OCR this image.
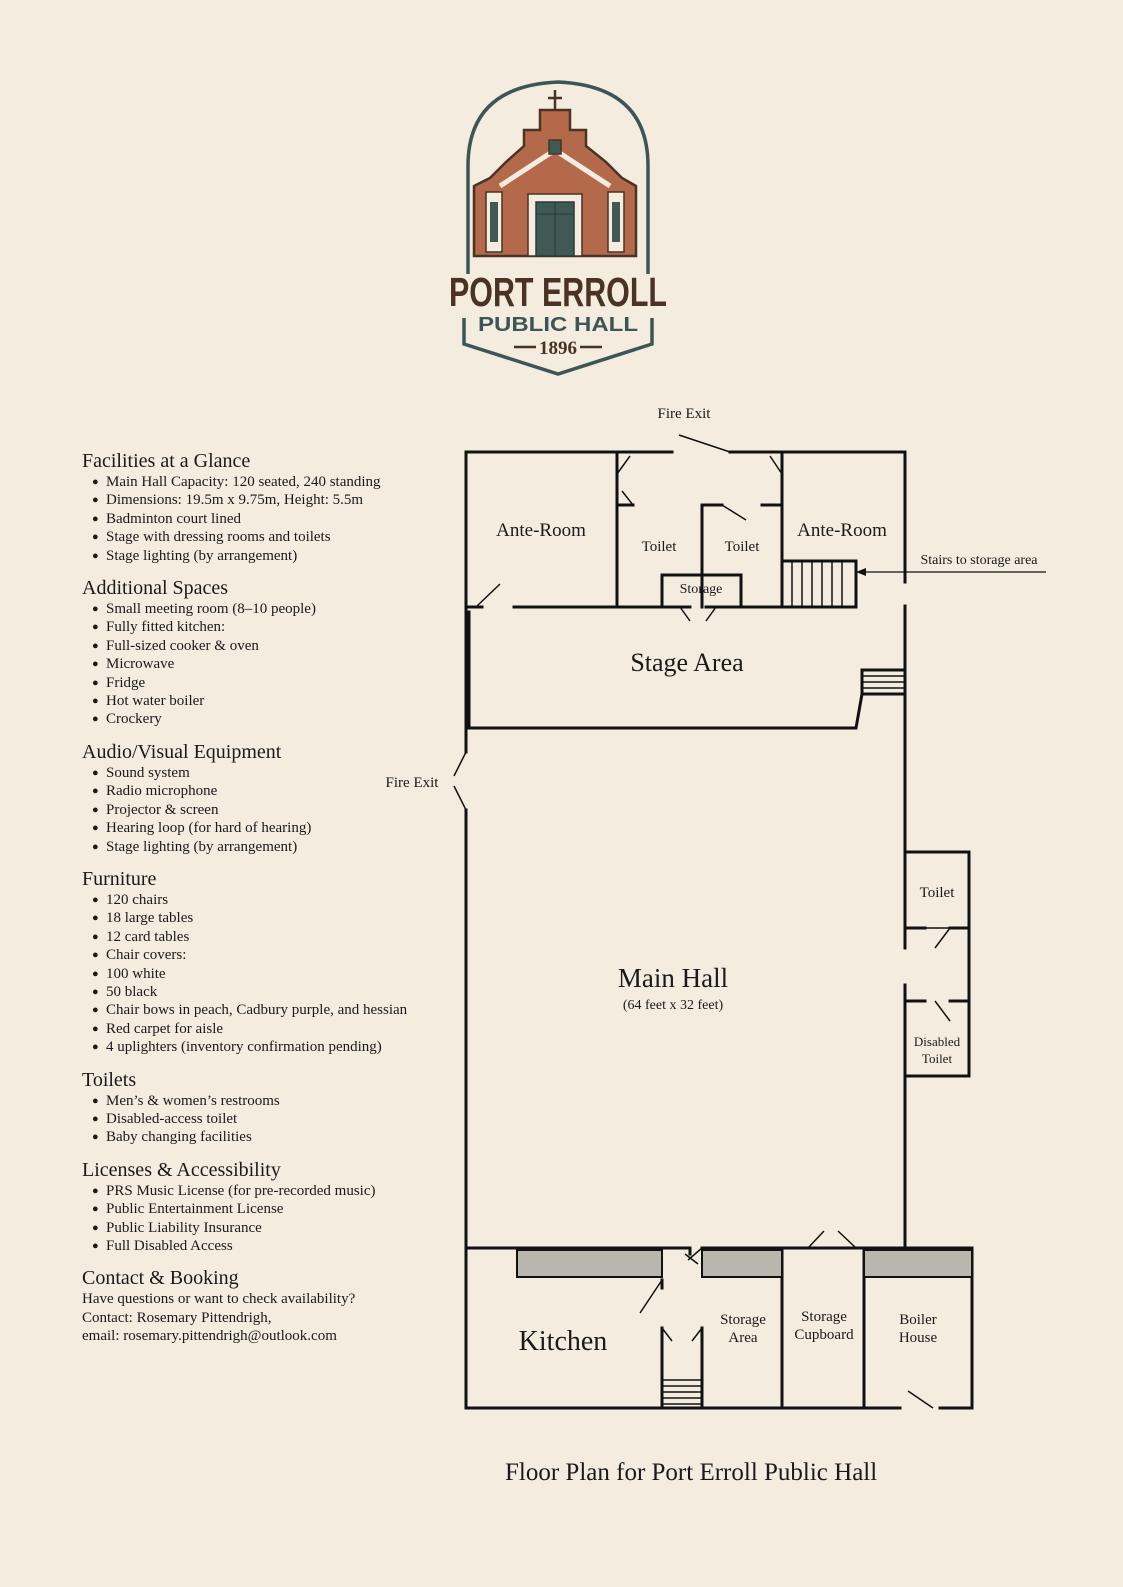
PORT ERROLL
PUBLIC HALL
1896
Facilities at a Glance
● Main Hall Capacity: 120 seated, 240 standing
● Dimensions: 19.5m x 9.75m, Height: 5.5m
● Badminton court lined
● Stage with dressing rooms and toilets
● Stage lighting (by arrangement)
Additional Spaces
● Small meeting room (8–10 people)
● Fully fitted kitchen:
● Full-sized cooker & oven
● Microwave
● Fridge
● Hot water boiler
● Crockery
Audio/Visual Equipment
● Sound system
● Radio microphone
● Projector & screen
● Hearing loop (for hard of hearing)
● Stage lighting (by arrangement)
Furniture
● 120 chairs
● 18 large tables
● 12 card tables
● Chair covers:
● 100 white
● 50 black
● Chair bows in peach, Cadbury purple, and hessian
● Red carpet for aisle
● 4 uplighters (inventory confirmation pending)
Toilets
● Men’s & women’s restrooms
● Disabled-access toilet
● Baby changing facilities
Licenses & Accessibility
● PRS Music License (for pre-recorded music)
● Public Entertainment License
● Public Liability Insurance
● Full Disabled Access
Contact & Booking
Have questions or want to check availability?
Contact: Rosemary Pittendrigh,
email: rosemary.pittendrigh@outlook.com
Fire Exit
Fire Exit
Ante-Room	Ante-Room
Toilet	Toilet
Storage
Stairs to storage area
Stage Area
Main Hall
(64 feet x 32 feet)
Toilet
Disabled
Toilet
Kitchen
Storage
Area
Storage
Cupboard
Boiler
House
Floor Plan for Port Erroll Public Hall
